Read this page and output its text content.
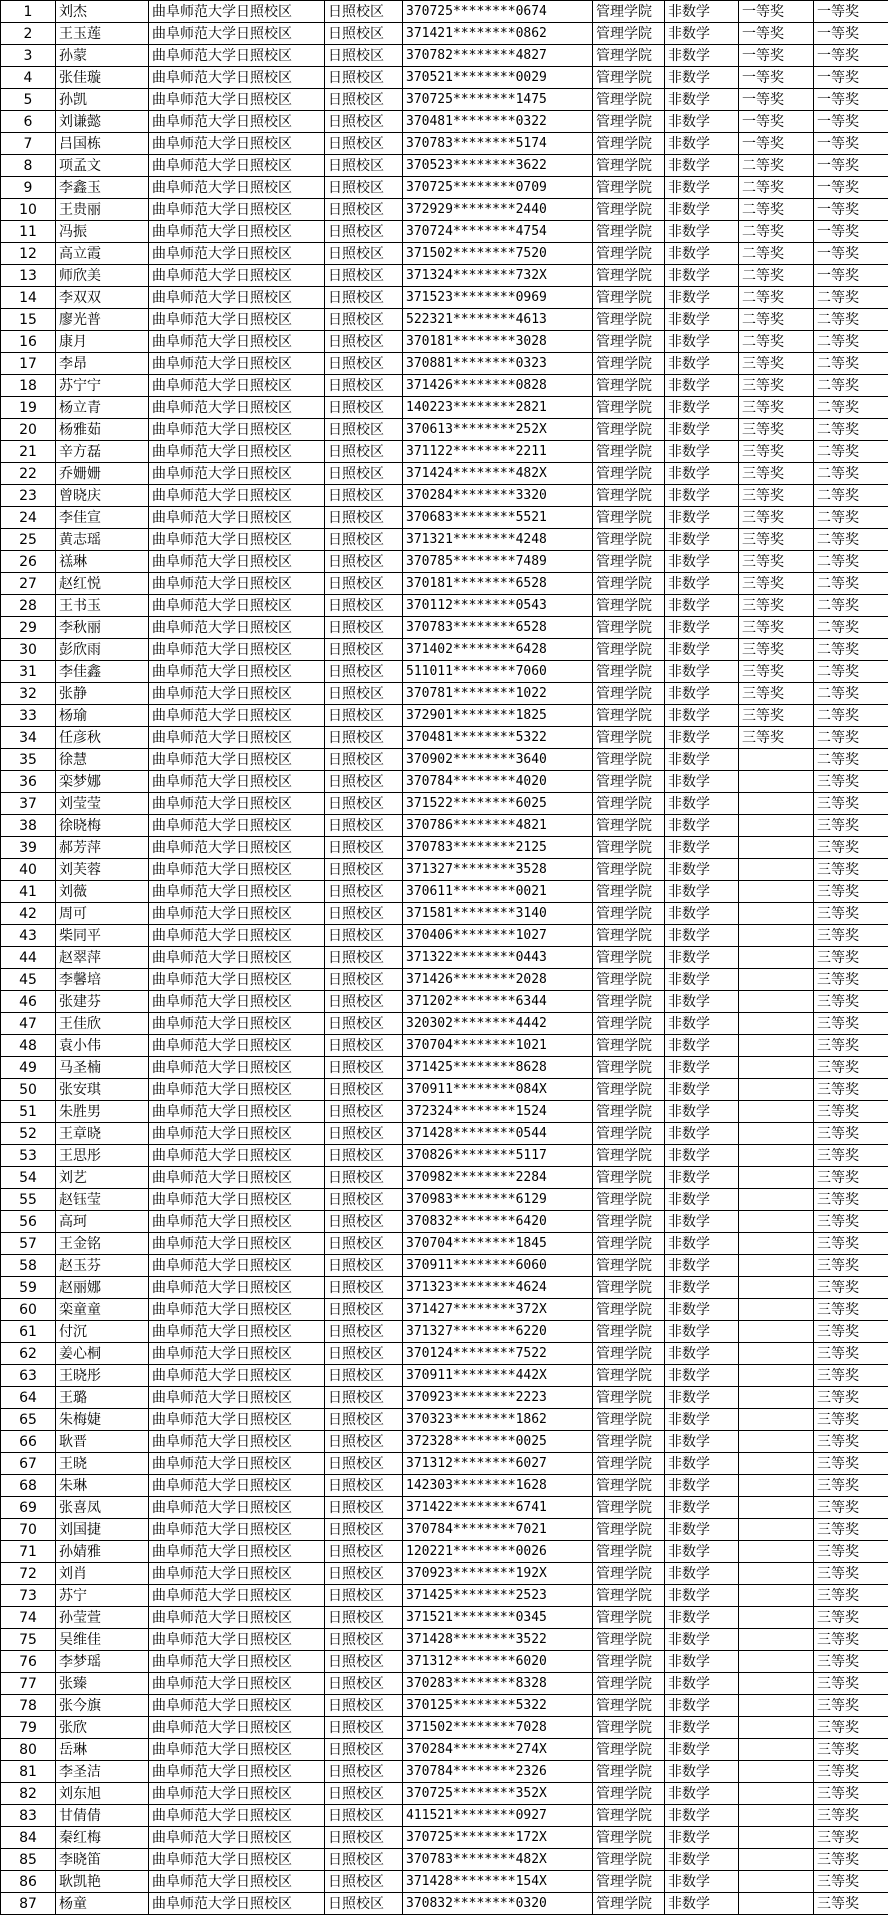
1	刘杰	曲阜师范大学日照校区	日照校区	370725********0674	管理学院	非数学	一等奖	一等奖
2	王玉莲	曲阜师范大学日照校区	日照校区	371421********0862	管理学院	非数学	一等奖	一等奖
3	孙蒙	曲阜师范大学日照校区	日照校区	370782********4827	管理学院	非数学	一等奖	一等奖
4	张佳璇	曲阜师范大学日照校区	日照校区	370521********0029	管理学院	非数学	一等奖	一等奖
5	孙凯	曲阜师范大学日照校区	日照校区	370725********1475	管理学院	非数学	一等奖	一等奖
6	刘谦懿	曲阜师范大学日照校区	日照校区	370481********0322	管理学院	非数学	一等奖	一等奖
7	吕国栋	曲阜师范大学日照校区	日照校区	370783********5174	管理学院	非数学	一等奖	一等奖
8	项孟文	曲阜师范大学日照校区	日照校区	370523********3622	管理学院	非数学	二等奖	一等奖
9	李鑫玉	曲阜师范大学日照校区	日照校区	370725********0709	管理学院	非数学	二等奖	一等奖
10	王贵丽	曲阜师范大学日照校区	日照校区	372929********2440	管理学院	非数学	二等奖	一等奖
11	冯振	曲阜师范大学日照校区	日照校区	370724********4754	管理学院	非数学	二等奖	一等奖
12	高立霞	曲阜师范大学日照校区	日照校区	371502********7520	管理学院	非数学	二等奖	一等奖
13	师欣美	曲阜师范大学日照校区	日照校区	371324********732X	管理学院	非数学	二等奖	一等奖
14	李双双	曲阜师范大学日照校区	日照校区	371523********0969	管理学院	非数学	二等奖	二等奖
15	廖光普	曲阜师范大学日照校区	日照校区	522321********4613	管理学院	非数学	二等奖	二等奖
16	康月	曲阜师范大学日照校区	日照校区	370181********3028	管理学院	非数学	二等奖	二等奖
17	李昂	曲阜师范大学日照校区	日照校区	370881********0323	管理学院	非数学	三等奖	二等奖
18	苏宁宁	曲阜师范大学日照校区	日照校区	371426********0828	管理学院	非数学	三等奖	二等奖
19	杨立青	曲阜师范大学日照校区	日照校区	140223********2821	管理学院	非数学	三等奖	二等奖
20	杨雅茹	曲阜师范大学日照校区	日照校区	370613********252X	管理学院	非数学	三等奖	二等奖
21	辛方磊	曲阜师范大学日照校区	日照校区	371122********2211	管理学院	非数学	三等奖	二等奖
22	乔姗姗	曲阜师范大学日照校区	日照校区	371424********482X	管理学院	非数学	三等奖	二等奖
23	曾晓庆	曲阜师范大学日照校区	日照校区	370284********3320	管理学院	非数学	三等奖	二等奖
24	李佳宣	曲阜师范大学日照校区	日照校区	370683********5521	管理学院	非数学	三等奖	二等奖
25	黄志瑶	曲阜师范大学日照校区	日照校区	371321********4248	管理学院	非数学	三等奖	二等奖
26	禚琳	曲阜师范大学日照校区	日照校区	370785********7489	管理学院	非数学	三等奖	二等奖
27	赵红悦	曲阜师范大学日照校区	日照校区	370181********6528	管理学院	非数学	三等奖	二等奖
28	王书玉	曲阜师范大学日照校区	日照校区	370112********0543	管理学院	非数学	三等奖	二等奖
29	李秋丽	曲阜师范大学日照校区	日照校区	370783********6528	管理学院	非数学	三等奖	二等奖
30	彭欣雨	曲阜师范大学日照校区	日照校区	371402********6428	管理学院	非数学	三等奖	二等奖
31	李佳鑫	曲阜师范大学日照校区	日照校区	511011********7060	管理学院	非数学	三等奖	二等奖
32	张静	曲阜师范大学日照校区	日照校区	370781********1022	管理学院	非数学	三等奖	二等奖
33	杨瑜	曲阜师范大学日照校区	日照校区	372901********1825	管理学院	非数学	三等奖	二等奖
34	任彦秋	曲阜师范大学日照校区	日照校区	370481********5322	管理学院	非数学	三等奖	二等奖
35	徐慧	曲阜师范大学日照校区	日照校区	370902********3640	管理学院	非数学		二等奖
36	栾梦娜	曲阜师范大学日照校区	日照校区	370784********4020	管理学院	非数学		三等奖
37	刘莹莹	曲阜师范大学日照校区	日照校区	371522********6025	管理学院	非数学		三等奖
38	徐晓梅	曲阜师范大学日照校区	日照校区	370786********4821	管理学院	非数学		三等奖
39	郝芳萍	曲阜师范大学日照校区	日照校区	370783********2125	管理学院	非数学		三等奖
40	刘芙蓉	曲阜师范大学日照校区	日照校区	371327********3528	管理学院	非数学		三等奖
41	刘薇	曲阜师范大学日照校区	日照校区	370611********0021	管理学院	非数学		三等奖
42	周可	曲阜师范大学日照校区	日照校区	371581********3140	管理学院	非数学		三等奖
43	柴同平	曲阜师范大学日照校区	日照校区	370406********1027	管理学院	非数学		三等奖
44	赵翠萍	曲阜师范大学日照校区	日照校区	371322********0443	管理学院	非数学		三等奖
45	李馨培	曲阜师范大学日照校区	日照校区	371426********2028	管理学院	非数学		三等奖
46	张建芬	曲阜师范大学日照校区	日照校区	371202********6344	管理学院	非数学		三等奖
47	王佳欣	曲阜师范大学日照校区	日照校区	320302********4442	管理学院	非数学		三等奖
48	袁小伟	曲阜师范大学日照校区	日照校区	370704********1021	管理学院	非数学		三等奖
49	马圣楠	曲阜师范大学日照校区	日照校区	371425********8628	管理学院	非数学		三等奖
50	张安琪	曲阜师范大学日照校区	日照校区	370911********084X	管理学院	非数学		三等奖
51	朱胜男	曲阜师范大学日照校区	日照校区	372324********1524	管理学院	非数学		三等奖
52	王章晓	曲阜师范大学日照校区	日照校区	371428********0544	管理学院	非数学		三等奖
53	王思彤	曲阜师范大学日照校区	日照校区	370826********5117	管理学院	非数学		三等奖
54	刘艺	曲阜师范大学日照校区	日照校区	370982********2284	管理学院	非数学		三等奖
55	赵钰莹	曲阜师范大学日照校区	日照校区	370983********6129	管理学院	非数学		三等奖
56	高珂	曲阜师范大学日照校区	日照校区	370832********6420	管理学院	非数学		三等奖
57	王金铭	曲阜师范大学日照校区	日照校区	370704********1845	管理学院	非数学		三等奖
58	赵玉芬	曲阜师范大学日照校区	日照校区	370911********6060	管理学院	非数学		三等奖
59	赵丽娜	曲阜师范大学日照校区	日照校区	371323********4624	管理学院	非数学		三等奖
60	栾童童	曲阜师范大学日照校区	日照校区	371427********372X	管理学院	非数学		三等奖
61	付沉	曲阜师范大学日照校区	日照校区	371327********6220	管理学院	非数学		三等奖
62	姜心桐	曲阜师范大学日照校区	日照校区	370124********7522	管理学院	非数学		三等奖
63	王晓彤	曲阜师范大学日照校区	日照校区	370911********442X	管理学院	非数学		三等奖
64	王璐	曲阜师范大学日照校区	日照校区	370923********2223	管理学院	非数学		三等奖
65	朱梅婕	曲阜师范大学日照校区	日照校区	370323********1862	管理学院	非数学		三等奖
66	耿晋	曲阜师范大学日照校区	日照校区	372328********0025	管理学院	非数学		三等奖
67	王晓	曲阜师范大学日照校区	日照校区	371312********6027	管理学院	非数学		三等奖
68	朱琳	曲阜师范大学日照校区	日照校区	142303********1628	管理学院	非数学		三等奖
69	张喜凤	曲阜师范大学日照校区	日照校区	371422********6741	管理学院	非数学		三等奖
70	刘国捷	曲阜师范大学日照校区	日照校区	370784********7021	管理学院	非数学		三等奖
71	孙婧雅	曲阜师范大学日照校区	日照校区	120221********0026	管理学院	非数学		三等奖
72	刘肖	曲阜师范大学日照校区	日照校区	370923********192X	管理学院	非数学		三等奖
73	苏宁	曲阜师范大学日照校区	日照校区	371425********2523	管理学院	非数学		三等奖
74	孙莹萱	曲阜师范大学日照校区	日照校区	371521********0345	管理学院	非数学		三等奖
75	吴维佳	曲阜师范大学日照校区	日照校区	371428********3522	管理学院	非数学		三等奖
76	李梦瑶	曲阜师范大学日照校区	日照校区	371312********6020	管理学院	非数学		三等奖
77	张臻	曲阜师范大学日照校区	日照校区	370283********8328	管理学院	非数学		三等奖
78	张今旗	曲阜师范大学日照校区	日照校区	370125********5322	管理学院	非数学		三等奖
79	张欣	曲阜师范大学日照校区	日照校区	371502********7028	管理学院	非数学		三等奖
80	岳琳	曲阜师范大学日照校区	日照校区	370284********274X	管理学院	非数学		三等奖
81	李圣洁	曲阜师范大学日照校区	日照校区	370784********2326	管理学院	非数学		三等奖
82	刘东旭	曲阜师范大学日照校区	日照校区	370725********352X	管理学院	非数学		三等奖
83	甘倩倩	曲阜师范大学日照校区	日照校区	411521********0927	管理学院	非数学		三等奖
84	秦红梅	曲阜师范大学日照校区	日照校区	370725********172X	管理学院	非数学		三等奖
85	李晓笛	曲阜师范大学日照校区	日照校区	370783********482X	管理学院	非数学		三等奖
86	耿凯艳	曲阜师范大学日照校区	日照校区	371428********154X	管理学院	非数学		三等奖
87	杨童	曲阜师范大学日照校区	日照校区	370832********0320	管理学院	非数学		三等奖
